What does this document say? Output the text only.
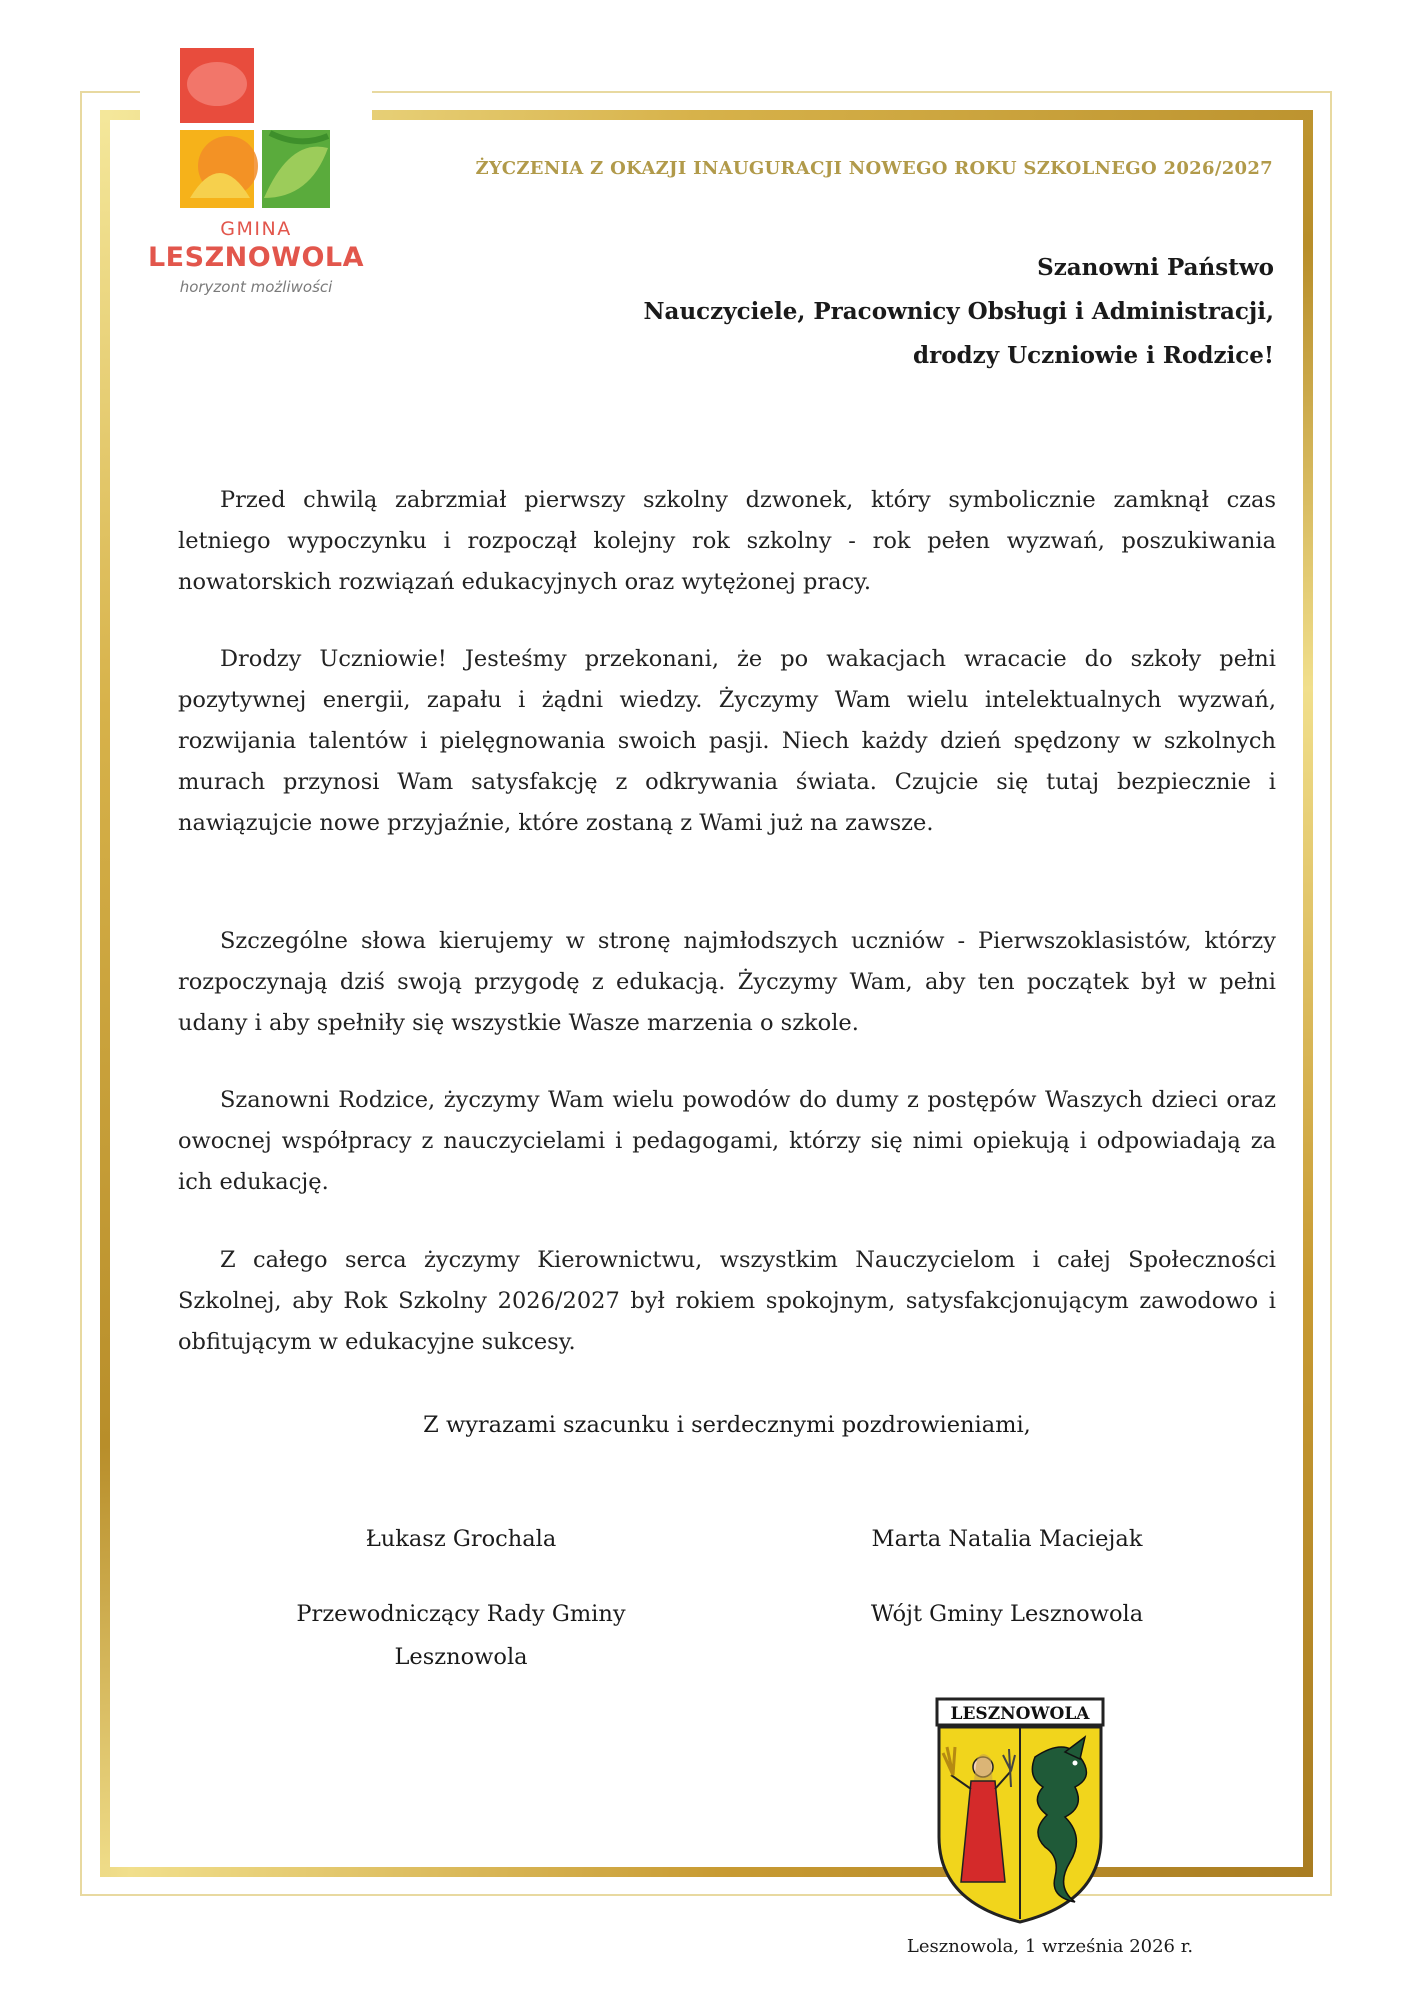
GMINA
LESZNOWOLA
horyzont możliwości
ŻYCZENIA Z OKAZJI INAUGURACJI NOWEGO ROKU SZKOLNEGO 2026/2027
Szanowni Państwo
Nauczyciele, Pracownicy Obsługi i Administracji,
drodzy Uczniowie i Rodzice!

Przed chwilą zabrzmiał pierwszy szkolny dzwonek, który symbolicznie zamknął czas letniego wypoczynku i rozpoczął kolejny rok szkolny - rok pełen wyzwań, poszukiwania nowatorskich rozwiązań edukacyjnych oraz wytężonej pracy.

Drodzy Uczniowie! Jesteśmy przekonani, że po wakacjach wracacie do szkoły pełni pozytywnej energii, zapału i żądni wiedzy. Życzymy Wam wielu intelektualnych wyzwań, rozwijania talentów i pielęgnowania swoich pasji. Niech każdy dzień spędzony w szkolnych murach przynosi Wam satysfakcję z odkrywania świata. Czujcie się tutaj bezpiecznie i nawiązujcie nowe przyjaźnie, które zostaną z Wami już na zawsze.

Szczególne słowa kierujemy w stronę najmłodszych uczniów - Pierwszoklasistów, którzy rozpoczynają dziś swoją przygodę z edukacją. Życzymy Wam, aby ten początek był w pełni udany i aby spełniły się wszystkie Wasze marzenia o szkole.

Szanowni Rodzice, życzymy Wam wielu powodów do dumy z postępów Waszych dzieci oraz owocnej współpracy z nauczycielami i pedagogami, którzy się nimi opiekują i odpowiadają za ich edukację.

Z całego serca życzymy Kierownictwu, wszystkim Nauczycielom i całej Społeczności Szkolnej, aby Rok Szkolny 2026/2027 był rokiem spokojnym, satysfakcjonującym zawodowo i obfitującym w edukacyjne sukcesy.

Z wyrazami szacunku i serdecznymi pozdrowieniami,
Łukasz Grochala
Przewodniczący Rady Gminy
Lesznowola
Marta Natalia Maciejak
Wójt Gminy Lesznowola
LESZNOWOLA
Lesznowola, 1 września 2026 r.
